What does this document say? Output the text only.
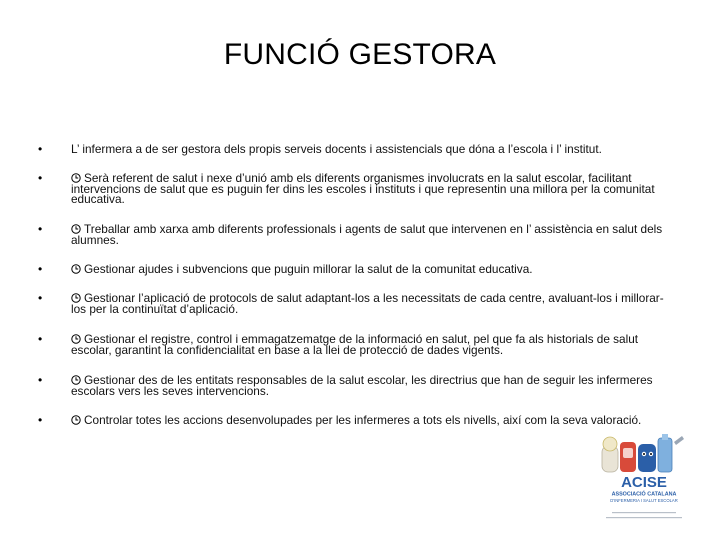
FUNCIÓ GESTORA
• L’ infermera a de ser gestora dels propis serveis docents i assistencials que dóna a l’escola i l’ institut.
•	Serà referent de salut i nexe d’unió amb els diferents organismes involucrats en la salut escolar, facilitant intervencions de salut que es puguin fer dins les escoles i instituts i que representin una millora per la comunitat educativa.
•	Treballar amb xarxa amb diferents professionals i agents de salut que intervenen en l’ assistència en salut dels alumnes.
•	Gestionar ajudes i subvencions que puguin millorar la salut de la comunitat educativa.
•	Gestionar l’aplicació de protocols de salut adaptant-los a les necessitats de cada centre, avaluant-los i millorar-los per la continuïtat d’aplicació.
•	Gestionar el registre, control i emmagatzematge de la informació en salut, pel que fa als historials de salut escolar, garantint la confidencialitat en base a la llei de protecció de dades vigents.
•	Gestionar des de les entitats responsables de la salut escolar, les directrius que han de seguir les infermeres escolars vers les seves intervencions.
•	Controlar totes les accions desenvolupades per les infermeres a tots els nivells, així com la seva valoració.
ACISE
ASSOCIACIÓ CATALANA
D'INFERMERIA I SALUT ESCOLAR
